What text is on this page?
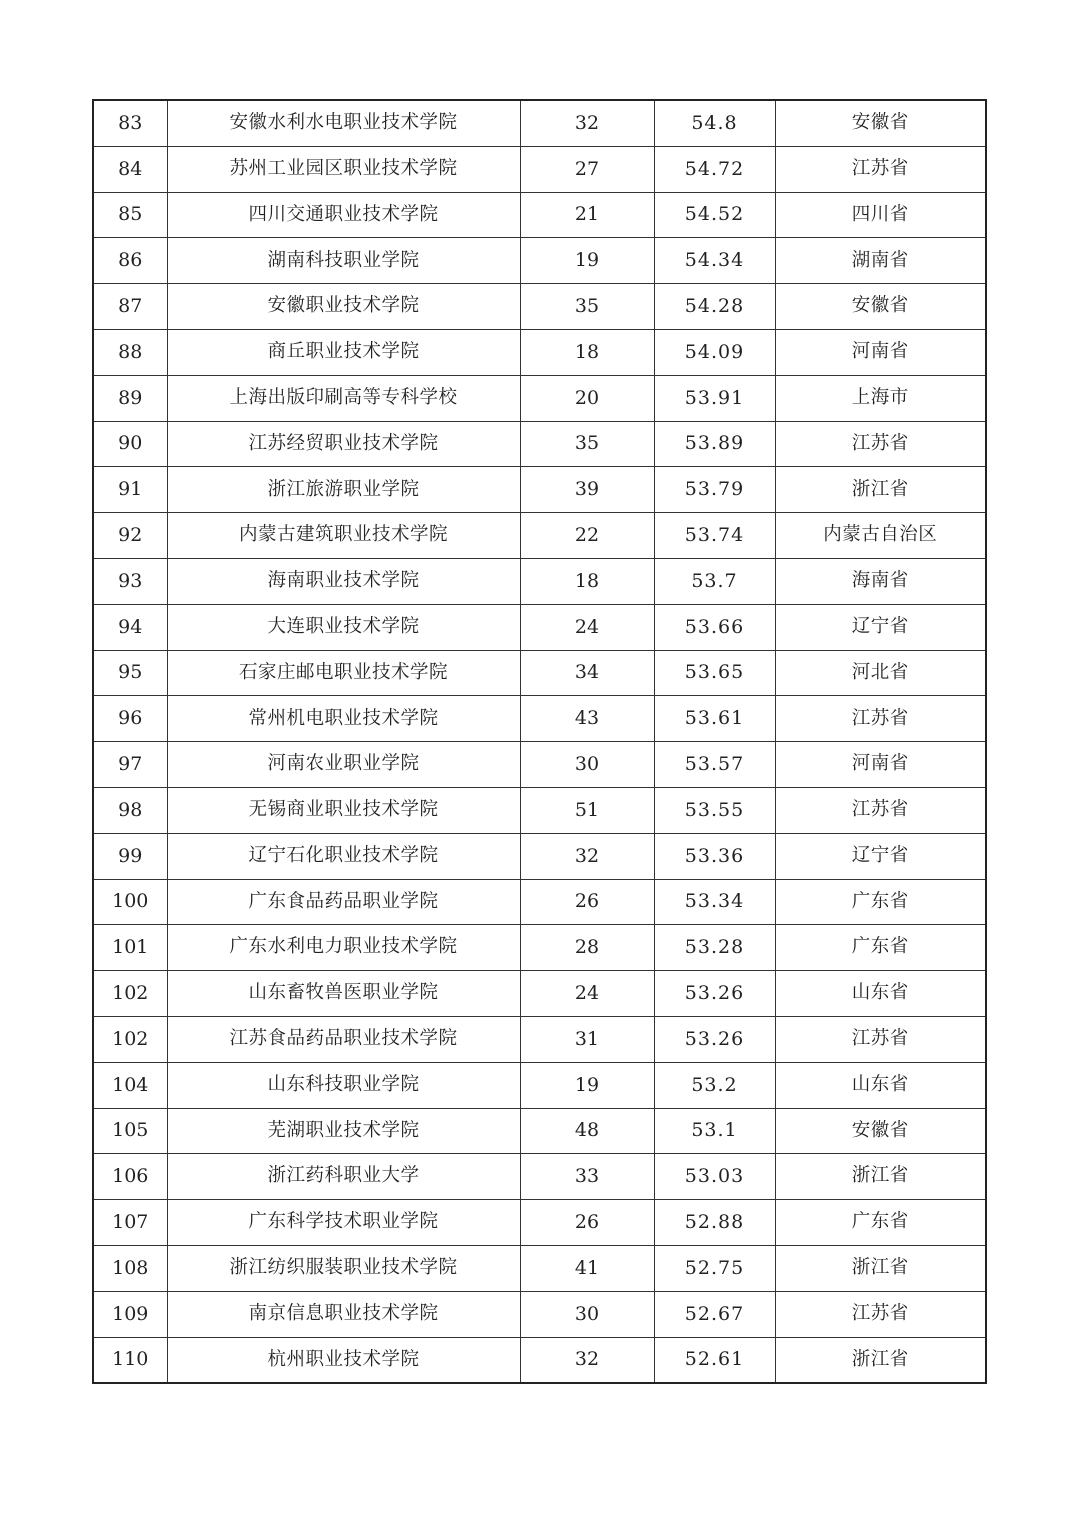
83	安徽水利水电职业技术学院	32	54.8	安徽省
84	苏州工业园区职业技术学院	27	54.72	江苏省
85	四川交通职业技术学院	21	54.52	四川省
86	湖南科技职业学院	19	54.34	湖南省
87	安徽职业技术学院	35	54.28	安徽省
88	商丘职业技术学院	18	54.09	河南省
89	上海出版印刷高等专科学校	20	53.91	上海市
90	江苏经贸职业技术学院	35	53.89	江苏省
91	浙江旅游职业学院	39	53.79	浙江省
92	内蒙古建筑职业技术学院	22	53.74	内蒙古自治区
93	海南职业技术学院	18	53.7	海南省
94	大连职业技术学院	24	53.66	辽宁省
95	石家庄邮电职业技术学院	34	53.65	河北省
96	常州机电职业技术学院	43	53.61	江苏省
97	河南农业职业学院	30	53.57	河南省
98	无锡商业职业技术学院	51	53.55	江苏省
99	辽宁石化职业技术学院	32	53.36	辽宁省
100	广东食品药品职业学院	26	53.34	广东省
101	广东水利电力职业技术学院	28	53.28	广东省
102	山东畜牧兽医职业学院	24	53.26	山东省
102	江苏食品药品职业技术学院	31	53.26	江苏省
104	山东科技职业学院	19	53.2	山东省
105	芜湖职业技术学院	48	53.1	安徽省
106	浙江药科职业大学	33	53.03	浙江省
107	广东科学技术职业学院	26	52.88	广东省
108	浙江纺织服装职业技术学院	41	52.75	浙江省
109	南京信息职业技术学院	30	52.67	江苏省
110	杭州职业技术学院	32	52.61	浙江省
